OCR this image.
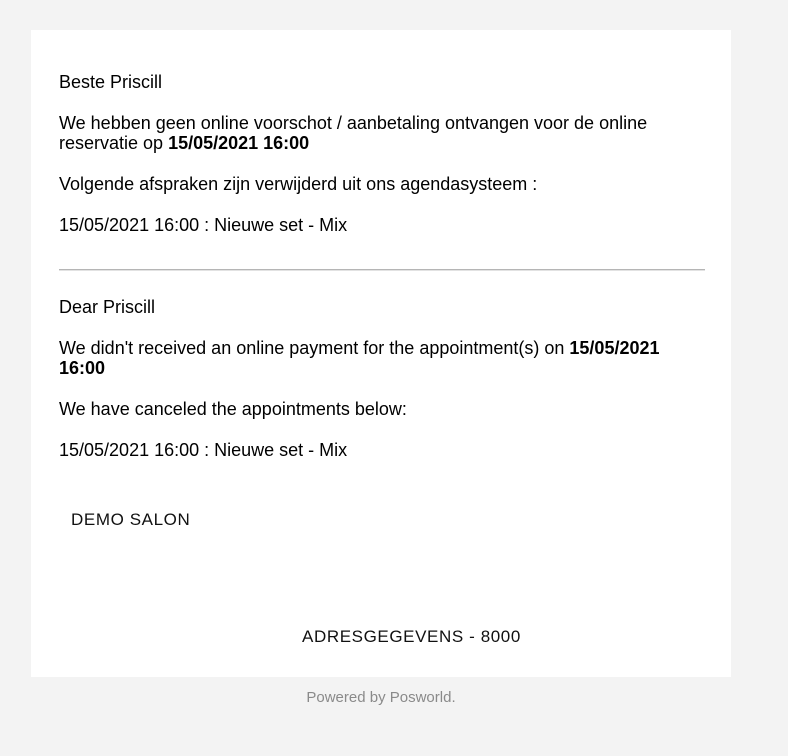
Beste Priscill

We hebben geen online voorschot / aanbetaling ontvangen voor de online reservatie op 15/05/2021 16:00

Volgende afspraken zijn verwijderd uit ons agendasysteem :

15/05/2021 16:00 : Nieuwe set - Mix

Dear Priscill

We didn't received an online payment for the appointment(s) on 15/05/2021 16:00

We have canceled the appointments below:

15/05/2021 16:00 : Nieuwe set - Mix

DEMO SALON
ADRESGEGEVENS - 8000
Powered by Posworld.
